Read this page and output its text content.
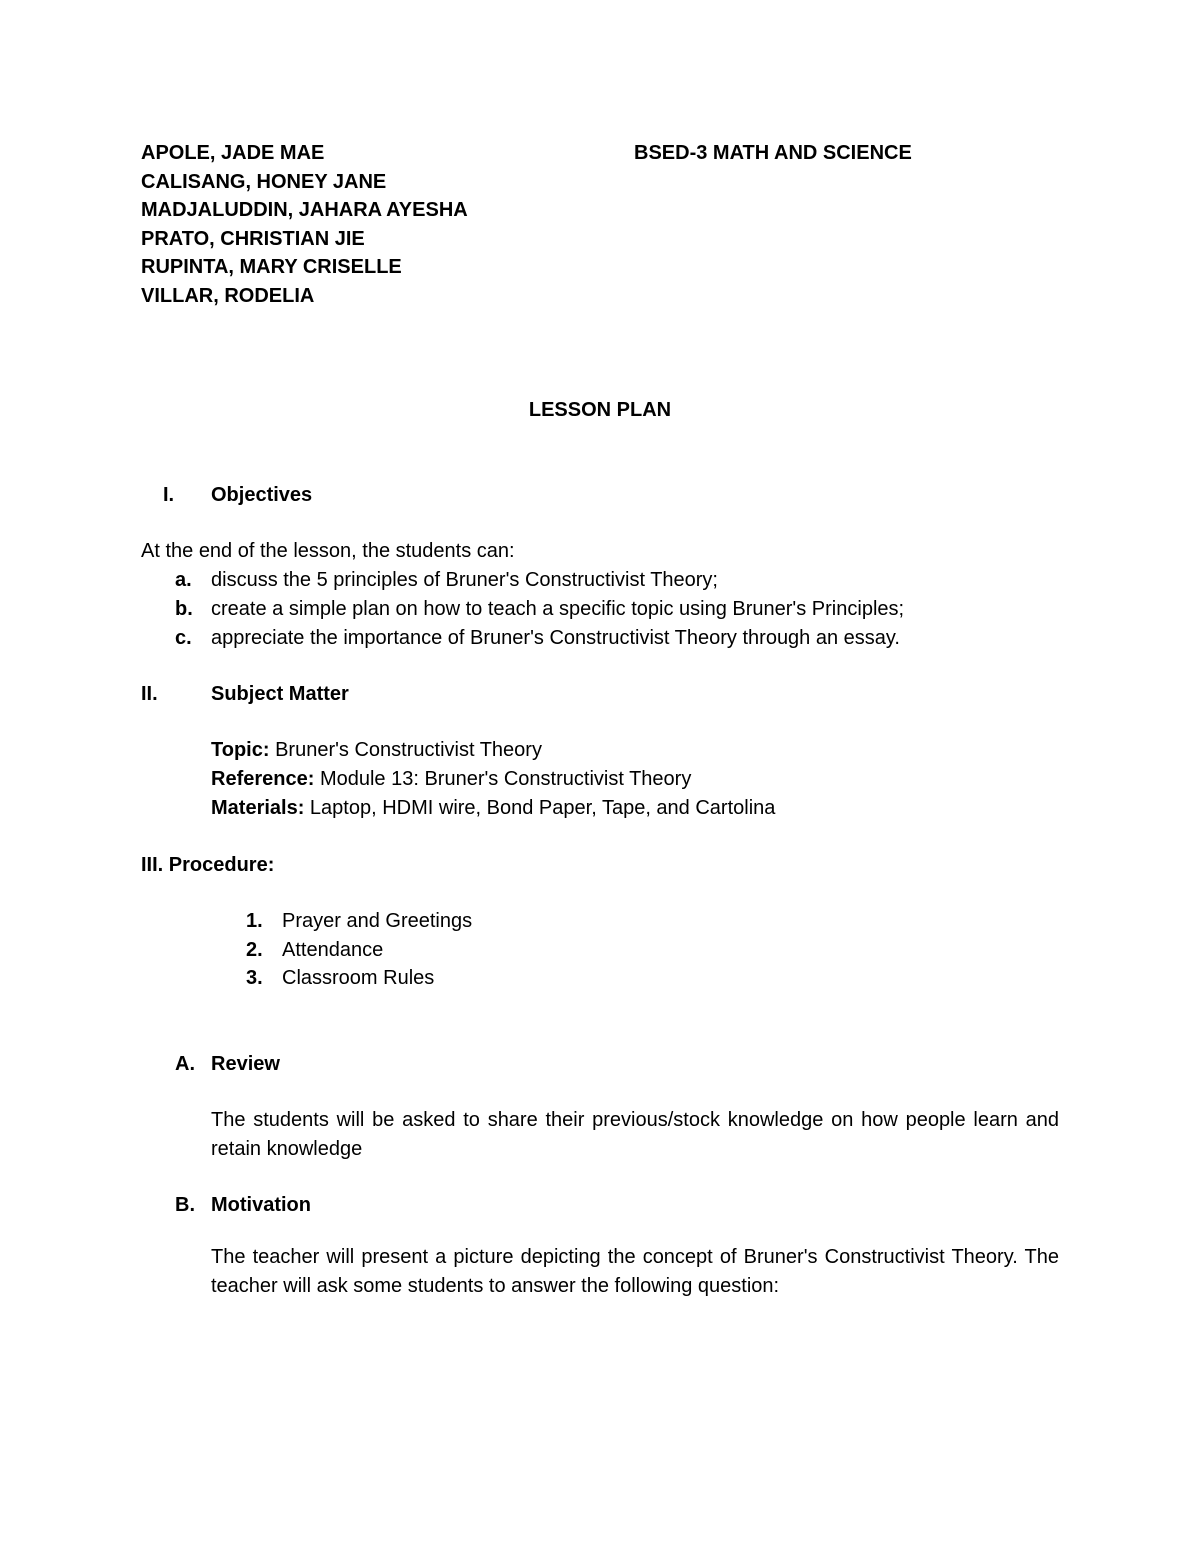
APOLE, JADE MAE
CALISANG, HONEY JANE
MADJALUDDIN, JAHARA AYESHA
PRATO, CHRISTIAN JIE
RUPINTA, MARY CRISELLE
VILLAR, RODELIA
BSED-3 MATH AND SCIENCE
LESSON PLAN
I. Objectives
At the end of the lesson, the students can:
a. discuss the 5 principles of Bruner's Constructivist Theory;
b. create a simple plan on how to teach a specific topic using Bruner's Principles;
c. appreciate the importance of Bruner's Constructivist Theory through an essay.
II.	Subject Matter
Topic: Bruner's Constructivist Theory
Reference: Module 13: Bruner's Constructivist Theory
Materials: Laptop, HDMI wire, Bond Paper, Tape, and Cartolina
III. Procedure:
1. Prayer and Greetings
2. Attendance
3. Classroom Rules
A. Review
The students will be asked to share their previous/stock knowledge on how people learn and retain knowledge
B. Motivation
The teacher will present a picture depicting the concept of Bruner's Constructivist Theory. The teacher will ask some students to answer the following question:
